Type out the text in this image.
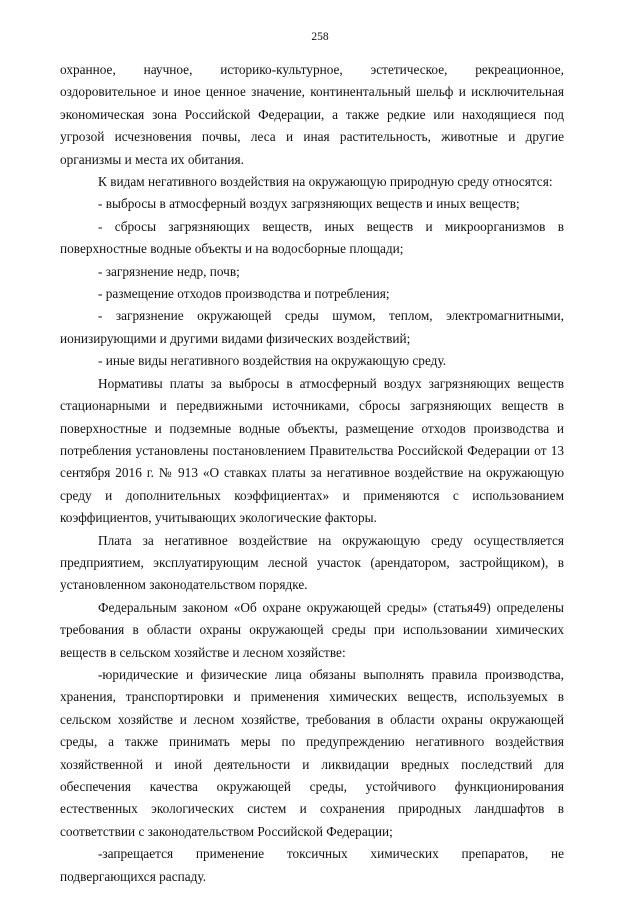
258

охранное, научное, историко-культурное, эстетическое, рекреационное, оздоровительное и иное ценное значение, континентальный шельф и исключительная экономическая зона Российской Федерации, а также редкие или находящиеся под угрозой исчезновения почвы, леса и иная растительность, животные и другие организмы и места их обитания.

К видам негативного воздействия на окружающую природную среду относятся:

- выбросы в атмосферный воздух загрязняющих веществ и иных веществ;

- сбросы загрязняющих веществ, иных веществ и микроорганизмов в поверхностные водные объекты и на водосборные площади;

- загрязнение недр, почв;

- размещение отходов производства и потребления;

- загрязнение окружающей среды шумом, теплом, электромагнитными, ионизирующими и другими видами физических воздействий;

- иные виды негативного воздействия на окружающую среду.

Нормативы платы за выбросы в атмосферный воздух загрязняющих веществ стационарными и передвижными источниками, сбросы загрязняющих веществ в поверхностные и подземные водные объекты, размещение отходов производства и потребления установлены постановлением Правительства Российской Федерации от 13 сентября 2016 г. № 913 «О ставках платы за негативное воздействие на окружающую среду и дополнительных коэффициентах» и применяются с использованием коэффициентов, учитывающих экологические факторы.

Плата за негативное воздействие на окружающую среду осуществляется предприятием, эксплуатирующим лесной участок (арендатором, застройщиком), в установленном законодательством порядке.

Федеральным законом «Об охране окружающей среды» (статья49) определены требования в области охраны окружающей среды при использовании химических веществ в сельском хозяйстве и лесном хозяйстве:

-юридические и физические лица обязаны выполнять правила производства, хранения, транспортировки и применения химических веществ, используемых в сельском хозяйстве и лесном хозяйстве, требования в области охраны окружающей среды, а также принимать меры по предупреждению негативного воздействия хозяйственной и иной деятельности и ликвидации вредных последствий для обеспечения качества окружающей среды, устойчивого функционирования естественных экологических систем и сохранения природных ландшафтов в соответствии с законодательством Российской Федерации;

-запрещается применение токсичных химических препаратов, не подвергающихся распаду.
